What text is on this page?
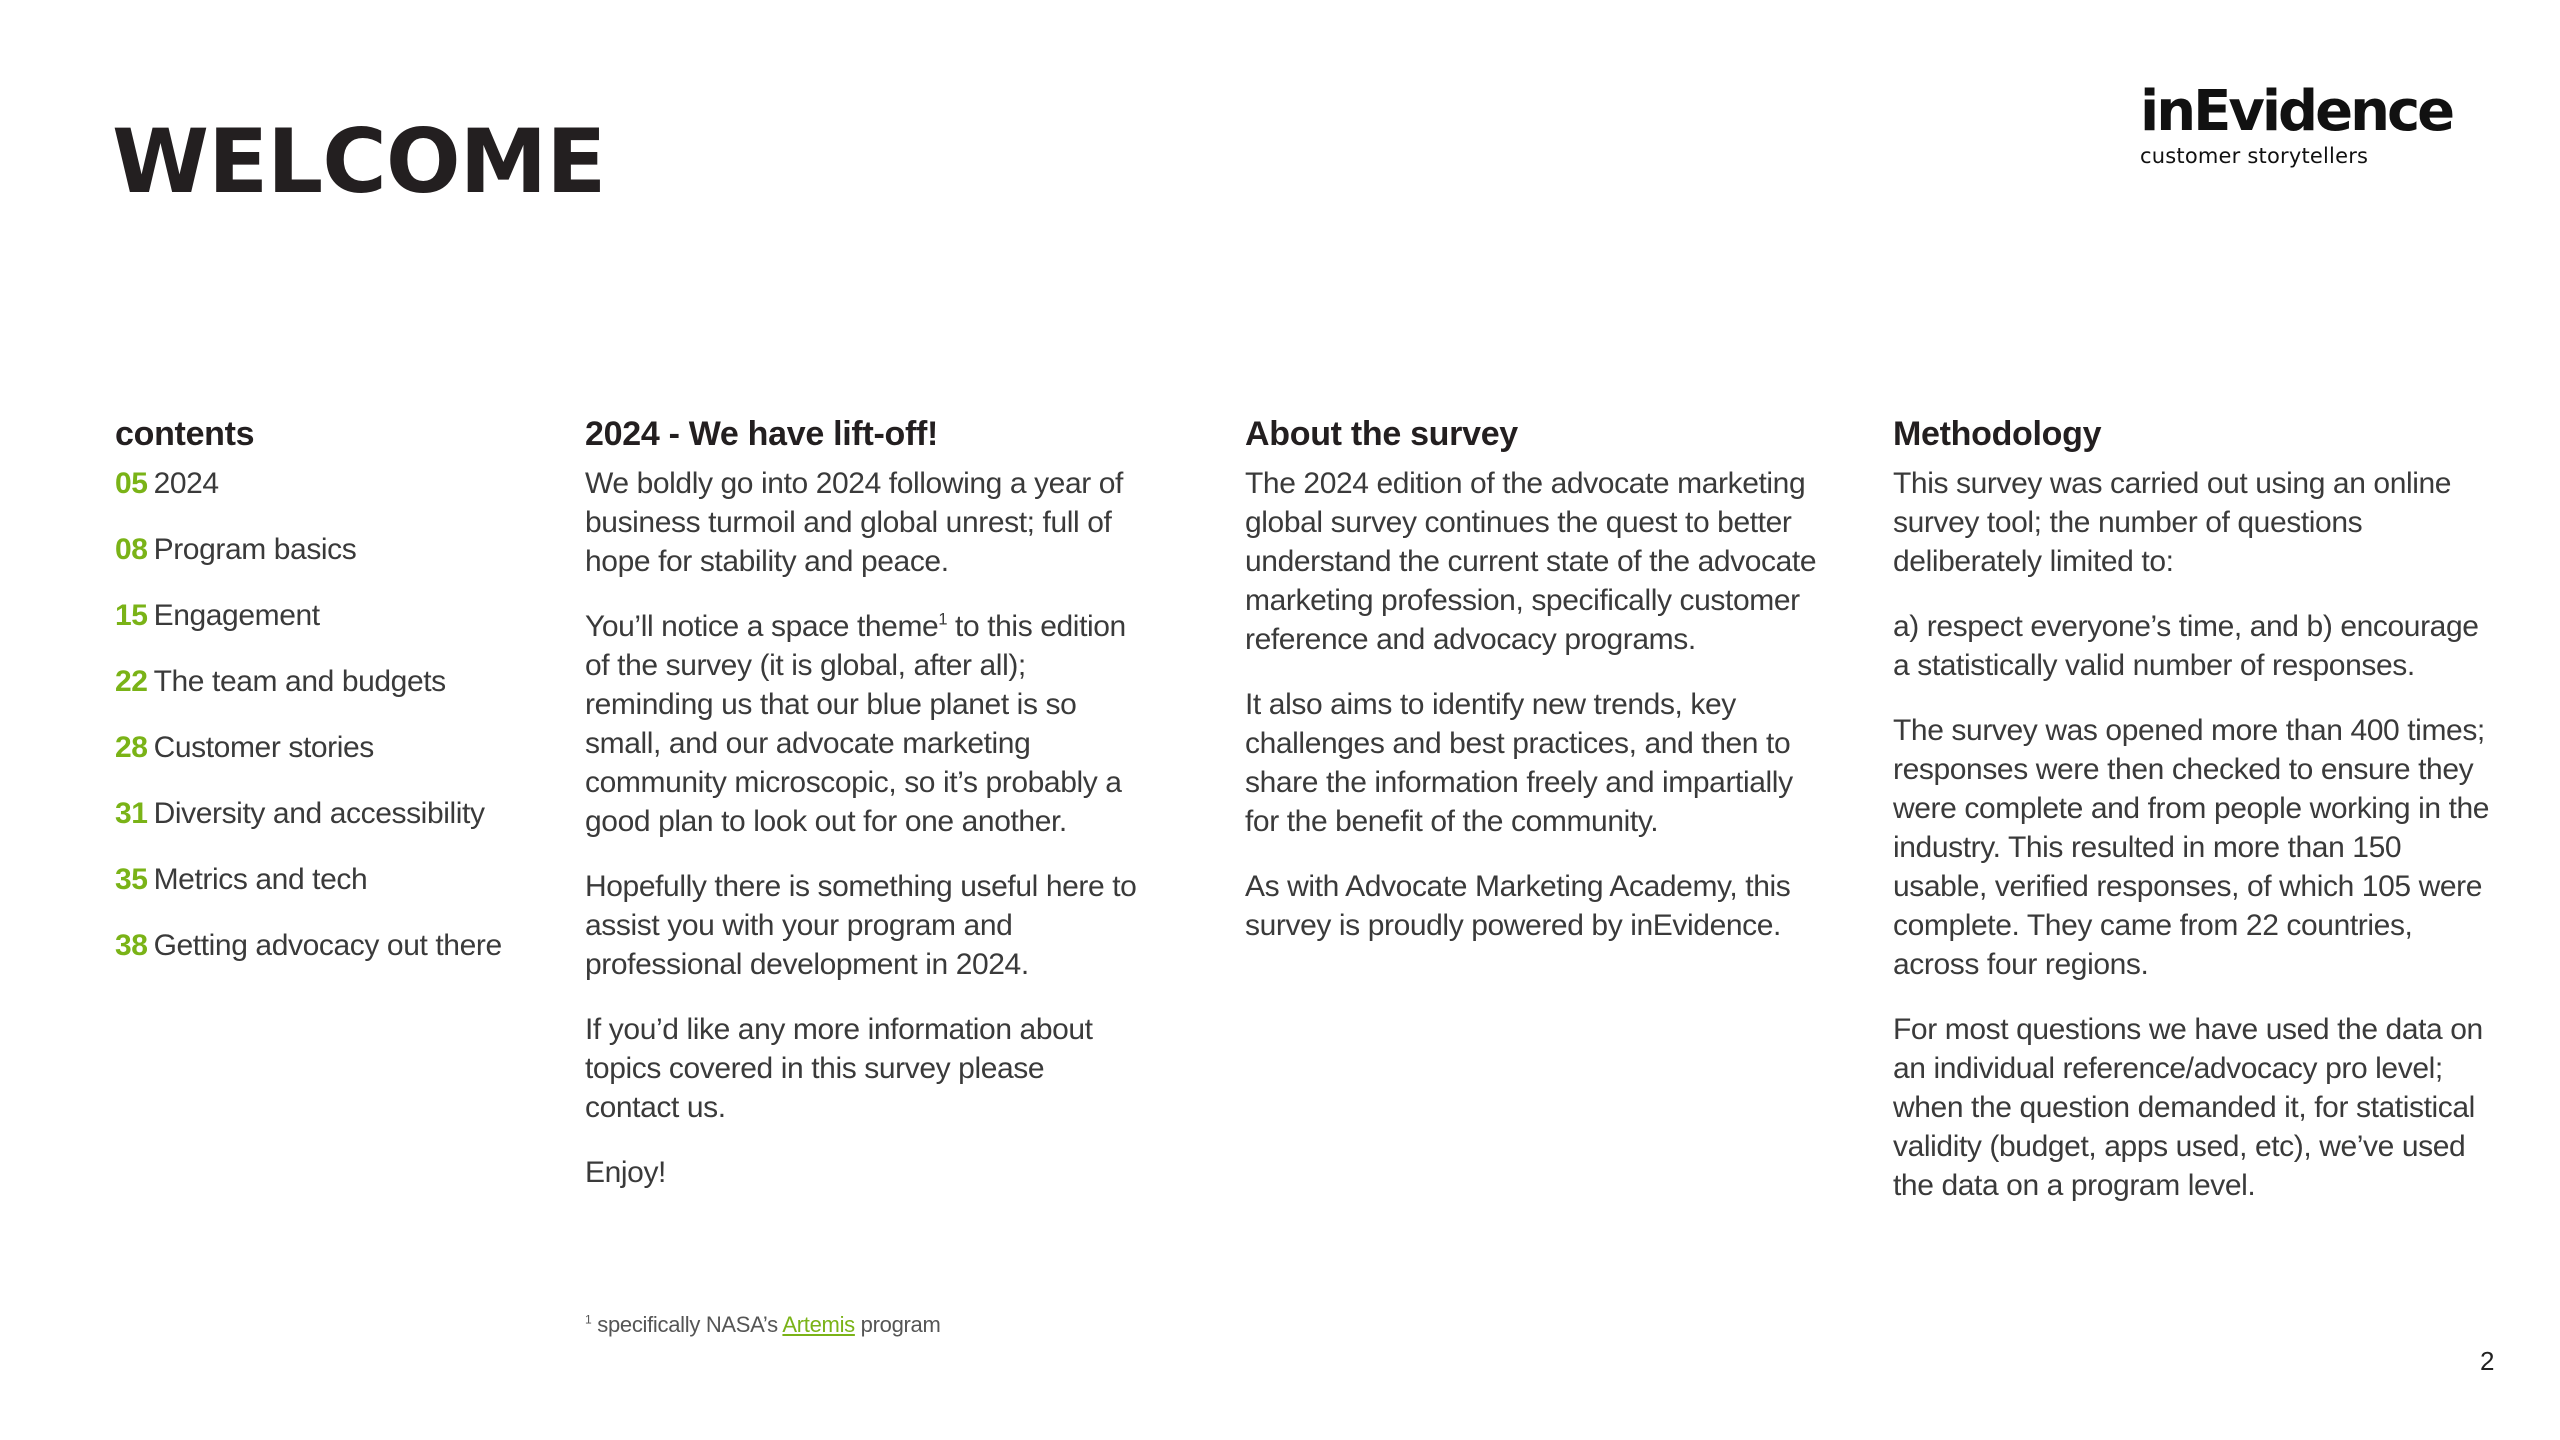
WELCOME	inEvidence
customer storytellers
contents
05 2024
08 Program basics
15 Engagement
22 The team and budgets
28 Customer stories
31 Diversity and accessibility
35 Metrics and tech
38 Getting advocacy out there
2024 - We have lift-off!

We boldly go into 2024 following a year of business turmoil and global unrest; full of hope for stability and peace.

You’ll notice a space theme$^1$ to this edition of the survey (it is global, after all); reminding us that our blue planet is so small, and our advocate marketing community microscopic, so it’s probably a good plan to look out for one another.

Hopefully there is something useful here to assist you with your program and professional development in 2024.

If you’d like any more information about topics covered in this survey please contact us.

Enjoy!

About the survey

The 2024 edition of the advocate marketing global survey continues the quest to better understand the current state of the advocate marketing profession, specifically customer reference and advocacy programs.

It also aims to identify new trends, key challenges and best practices, and then to share the information freely and impartially for the benefit of the community.

As with Advocate Marketing Academy, this survey is proudly powered by inEvidence.

Methodology

This survey was carried out using an online survey tool; the number of questions deliberately limited to:

a) respect everyone’s time, and b) encourage a statistically valid number of responses.

The survey was opened more than 400 times; responses were then checked to ensure they were complete and from people working in the industry. This resulted in more than 150 usable, verified responses, of which 105 were complete. They came from 22 countries, across four regions.

For most questions we have used the data on an individual reference/advocacy pro level; when the question demanded it, for statistical validity (budget, apps used, etc), we’ve used the data on a program level.

$^1$ specifically NASA’s Artemis program
2
